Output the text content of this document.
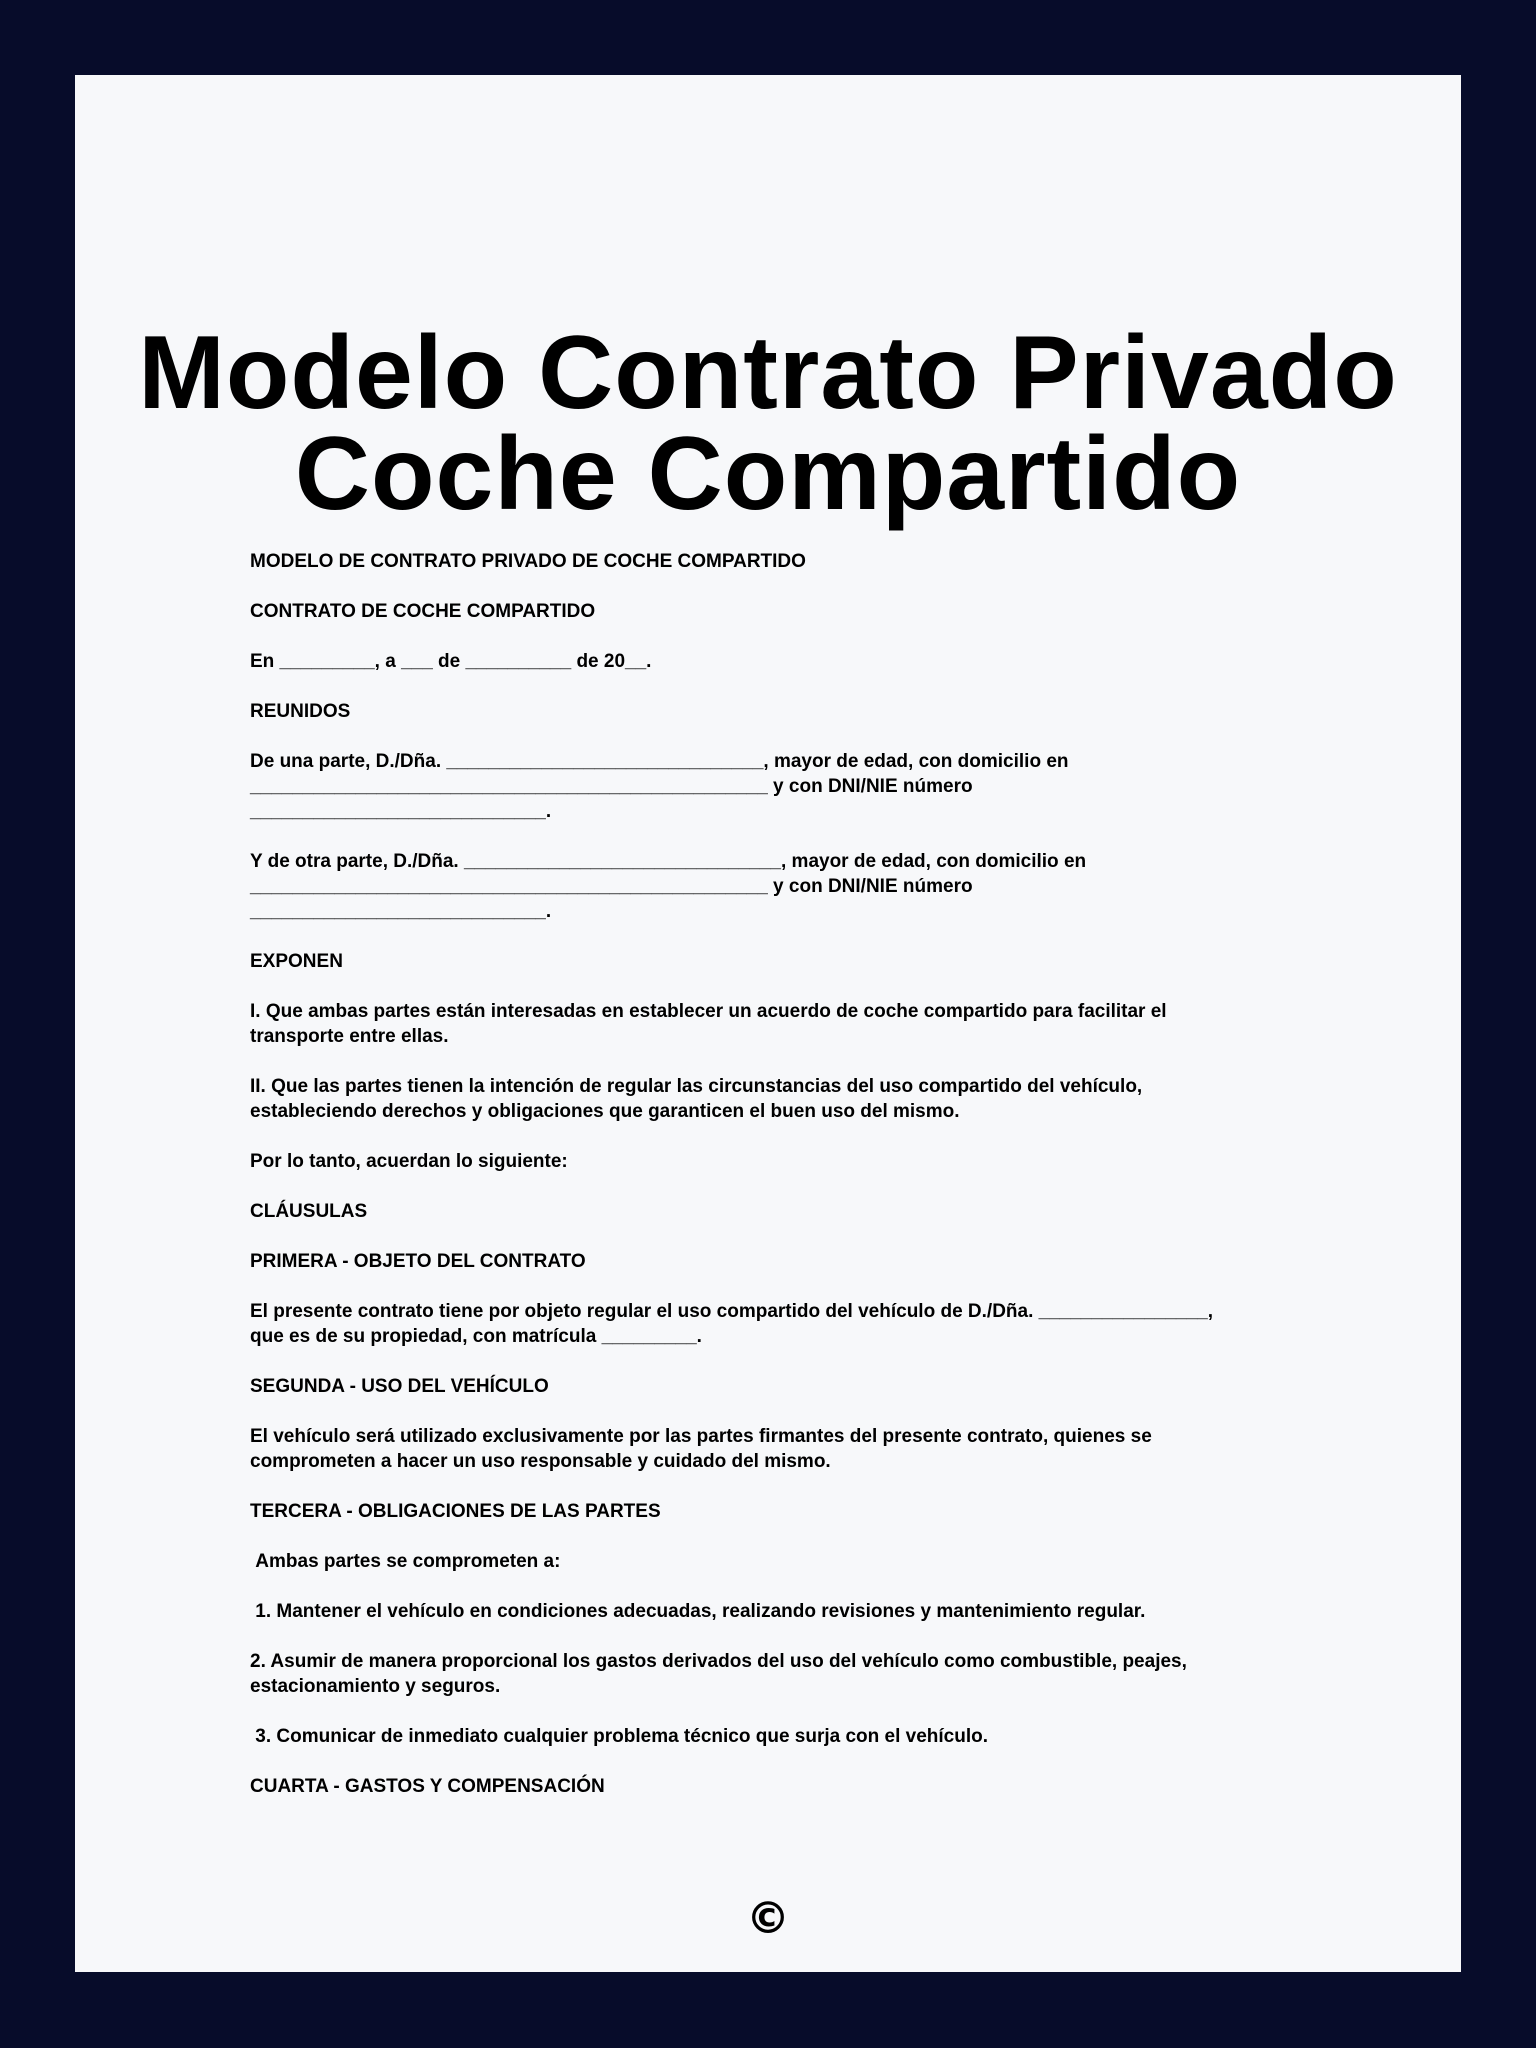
Modelo Contrato Privado
Coche Compartido

MODELO DE CONTRATO PRIVADO DE COCHE COMPARTIDO

CONTRATO DE COCHE COMPARTIDO

En _________, a ___ de __________ de 20__.

REUNIDOS

De una parte, D./Dña. ______________________________, mayor de edad, con domicilio en
_________________________________________________ y con DNI/NIE número
____________________________.

Y de otra parte, D./Dña. ______________________________, mayor de edad, con domicilio en
_________________________________________________ y con DNI/NIE número
____________________________.

EXPONEN

I. Que ambas partes están interesadas en establecer un acuerdo de coche compartido para facilitar el
transporte entre ellas.

II. Que las partes tienen la intención de regular las circunstancias del uso compartido del vehículo,
estableciendo derechos y obligaciones que garanticen el buen uso del mismo.

Por lo tanto, acuerdan lo siguiente:

CLÁUSULAS

PRIMERA - OBJETO DEL CONTRATO

El presente contrato tiene por objeto regular el uso compartido del vehículo de D./Dña. ________________,
que es de su propiedad, con matrícula _________.

SEGUNDA - USO DEL VEHÍCULO

El vehículo será utilizado exclusivamente por las partes firmantes del presente contrato, quienes se
comprometen a hacer un uso responsable y cuidado del mismo.

TERCERA - OBLIGACIONES DE LAS PARTES

Ambas partes se comprometen a:

1. Mantener el vehículo en condiciones adecuadas, realizando revisiones y mantenimiento regular.

2. Asumir de manera proporcional los gastos derivados del uso del vehículo como combustible, peajes,
estacionamiento y seguros.

3. Comunicar de inmediato cualquier problema técnico que surja con el vehículo.

CUARTA - GASTOS Y COMPENSACIÓN

©
